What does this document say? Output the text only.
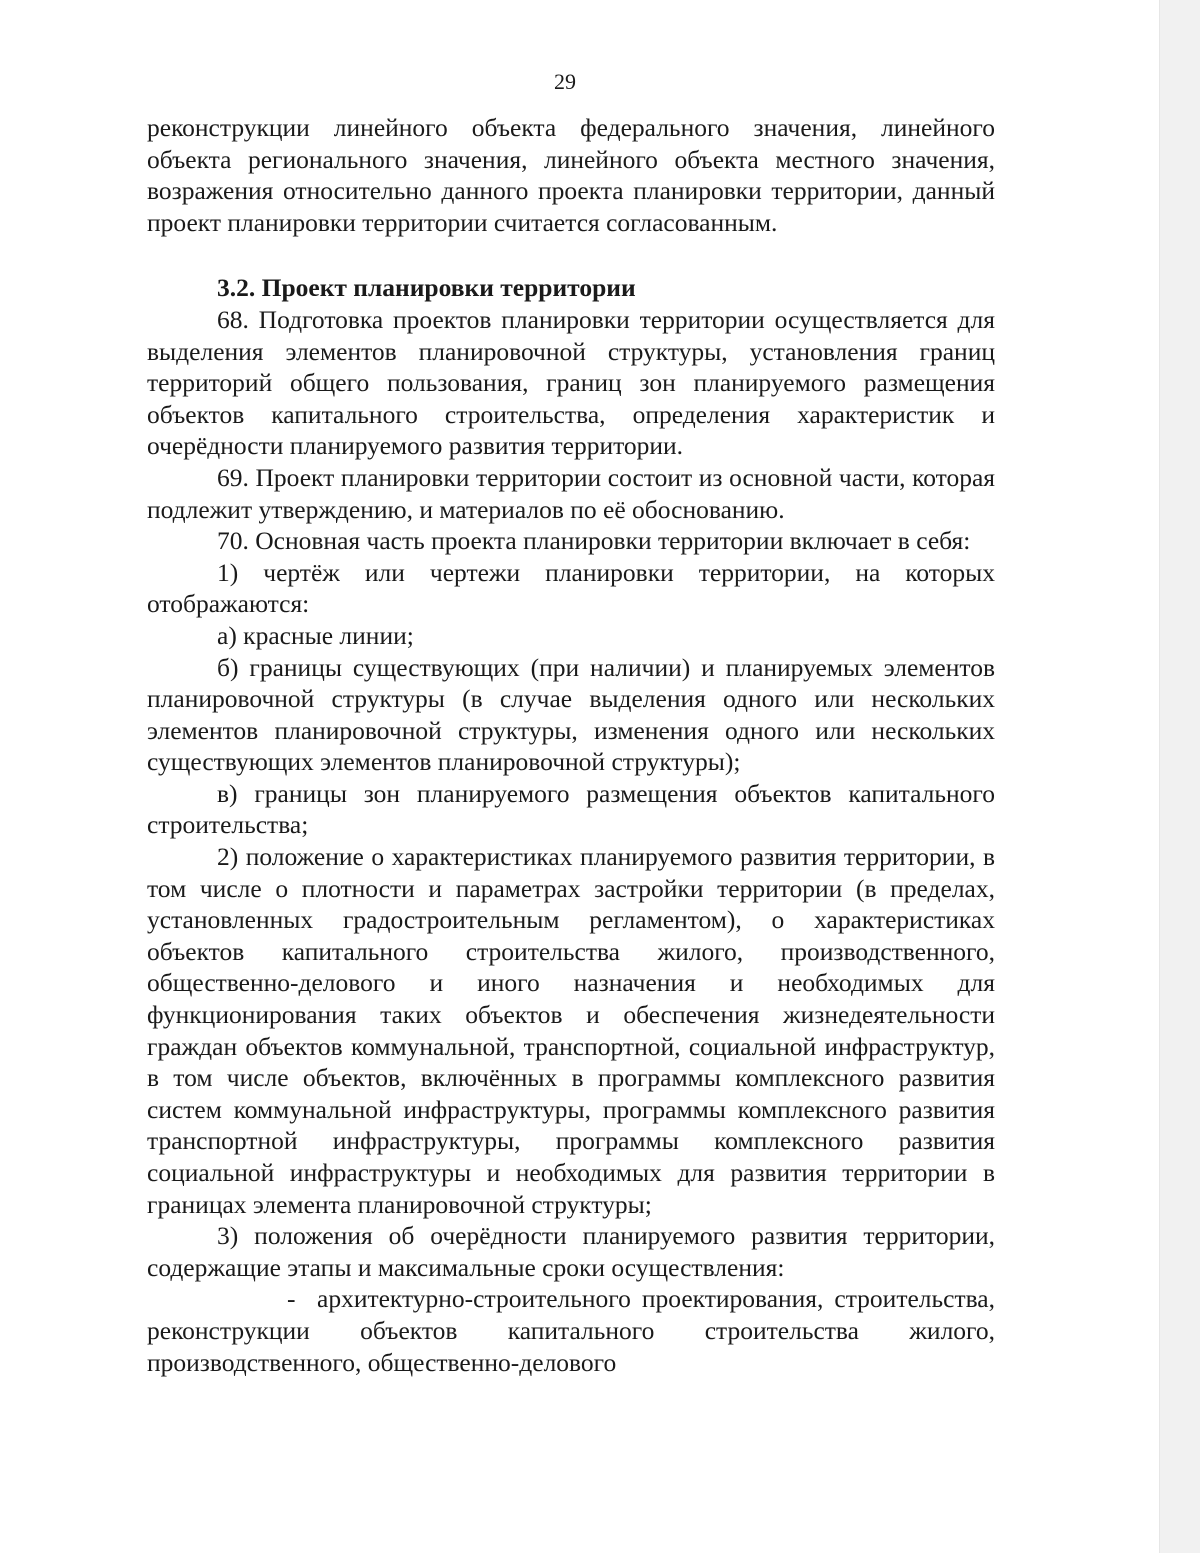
29

реконструкции линейного объекта федерального значения, линейного объекта регионального значения, линейного объекта местного значения, возражения относительно данного проекта планировки территории, данный проект планировки территории считается согласованным.

3.2. Проект планировки территории

68. Подготовка проектов планировки территории осуществляется для выделения элементов планировочной структуры, установления границ территорий общего пользования, границ зон планируемого размещения объектов капитального строительства, определения характеристик и очерёдности планируемого развития территории.

69. Проект планировки территории состоит из основной части, которая подлежит утверждению, и материалов по её обоснованию.

70. Основная часть проекта планировки территории включает в себя:

1) чертёж или чертежи планировки территории, на которых отображаются:

а) красные линии;

б) границы существующих (при наличии) и планируемых элементов планировочной структуры (в случае выделения одного или нескольких элементов планировочной структуры, изменения одного или нескольких существующих элементов планировочной структуры);

в) границы зон планируемого размещения объектов капитального строительства;

2) положение о характеристиках планируемого развития территории, в том числе о плотности и параметрах застройки территории (в пределах, установленных градостроительным регламентом), о характеристиках объектов капитального строительства жилого, производственного, общественно-делового и иного назначения и необходимых для функционирования таких объектов и обеспечения жизнедеятельности граждан объектов коммунальной, транспортной, социальной инфраструктур, в том числе объектов, включённых в программы комплексного развития систем коммунальной инфраструктуры, программы комплексного развития транспортной инфраструктуры, программы комплексного развития социальной инфраструктуры и необходимых для развития территории в границах элемента планировочной структуры;

3) положения об очерёдности планируемого развития территории, содержащие этапы и максимальные сроки осуществления:

- архитектурно-строительного проектирования, строительства, реконструкции объектов капитального строительства жилого, производственного, общественно-делового
